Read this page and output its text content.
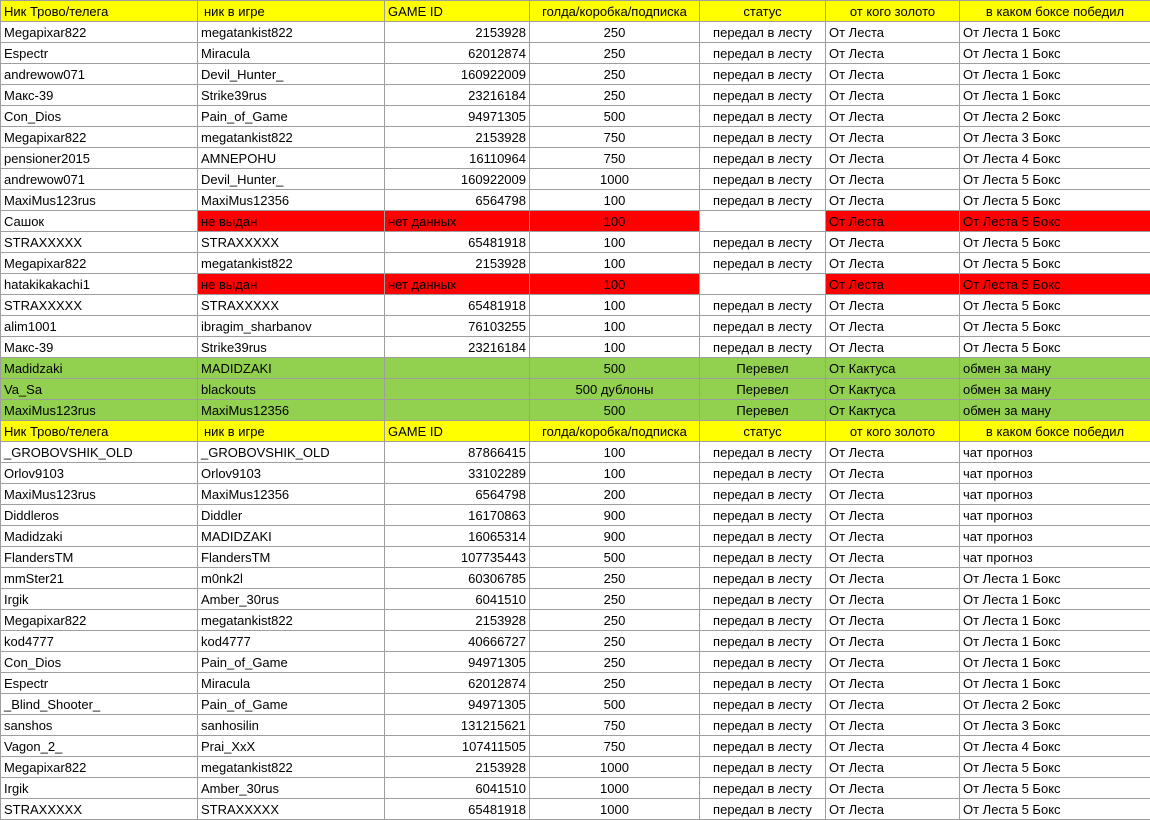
Ник Трово/телега	ник в игре	GAME ID	голда/коробка/подписка	статус	от кого золото	в каком боксе победил
Megapixar822	megatankist822	2153928	250	передал в лесту	От Леста	От Леста 1 Бокс
Espectr	Miracula	62012874	250	передал в лесту	От Леста	От Леста 1 Бокс
andrewow071	Devil_Hunter_	160922009	250	передал в лесту	От Леста	От Леста 1 Бокс
Макс-39	Strike39rus	23216184	250	передал в лесту	От Леста	От Леста 1 Бокс
Con_Dios	Pain_of_Game	94971305	500	передал в лесту	От Леста	От Леста 2 Бокс
Megapixar822	megatankist822	2153928	750	передал в лесту	От Леста	От Леста 3 Бокс
pensioner2015	AMNEPOHU	16110964	750	передал в лесту	От Леста	От Леста 4 Бокс
andrewow071	Devil_Hunter_	160922009	1000	передал в лесту	От Леста	От Леста 5 Бокс
MaxiMus123rus	MaxiMus12356	6564798	100	передал в лесту	От Леста	От Леста 5 Бокс
Сашок	не выдан	нет данных	100		От Леста	От Леста 5 Бокс
STRAXXXXX	STRAXXXXX	65481918	100	передал в лесту	От Леста	От Леста 5 Бокс
Megapixar822	megatankist822	2153928	100	передал в лесту	От Леста	От Леста 5 Бокс
hatakikakachi1	не выдан	нет данных	100		От Леста	От Леста 5 Бокс
STRAXXXXX	STRAXXXXX	65481918	100	передал в лесту	От Леста	От Леста 5 Бокс
alim1001	ibragim_sharbanov	76103255	100	передал в лесту	От Леста	От Леста 5 Бокс
Макс-39	Strike39rus	23216184	100	передал в лесту	От Леста	От Леста 5 Бокс
Madidzaki	MADIDZAKI		500	Перевел	От Кактуса	обмен за ману
Va_Sa	blackouts		500 дублоны	Перевел	От Кактуса	обмен за ману
MaxiMus123rus	MaxiMus12356		500	Перевел	От Кактуса	обмен за ману
Ник Трово/телега	ник в игре	GAME ID	голда/коробка/подписка	статус	от кого золото	в каком боксе победил
_GROBOVSHIK_OLD	_GROBOVSHIK_OLD	87866415	100	передал в лесту	От Леста	чат прогноз
Orlov9103	Orlov9103	33102289	100	передал в лесту	От Леста	чат прогноз
MaxiMus123rus	MaxiMus12356	6564798	200	передал в лесту	От Леста	чат прогноз
Diddleros	Diddler	16170863	900	передал в лесту	От Леста	чат прогноз
Madidzaki	MADIDZAKI	16065314	900	передал в лесту	От Леста	чат прогноз
FlandersTM	FlandersTM	107735443	500	передал в лесту	От Леста	чат прогноз
mmSter21	m0nk2l	60306785	250	передал в лесту	От Леста	От Леста 1 Бокс
Irgik	Amber_30rus	6041510	250	передал в лесту	От Леста	От Леста 1 Бокс
Megapixar822	megatankist822	2153928	250	передал в лесту	От Леста	От Леста 1 Бокс
kod4777	kod4777	40666727	250	передал в лесту	От Леста	От Леста 1 Бокс
Con_Dios	Pain_of_Game	94971305	250	передал в лесту	От Леста	От Леста 1 Бокс
Espectr	Miracula	62012874	250	передал в лесту	От Леста	От Леста 1 Бокс
_Blind_Shooter_	Pain_of_Game	94971305	500	передал в лесту	От Леста	От Леста 2 Бокс
sanshos	sanhosilin	131215621	750	передал в лесту	От Леста	От Леста 3 Бокс
Vagon_2_	Prai_XxX	107411505	750	передал в лесту	От Леста	От Леста 4 Бокс
Megapixar822	megatankist822	2153928	1000	передал в лесту	От Леста	От Леста 5 Бокс
Irgik	Amber_30rus	6041510	1000	передал в лесту	От Леста	От Леста 5 Бокс
STRAXXXXX	STRAXXXXX	65481918	1000	передал в лесту	От Леста	От Леста 5 Бокс
